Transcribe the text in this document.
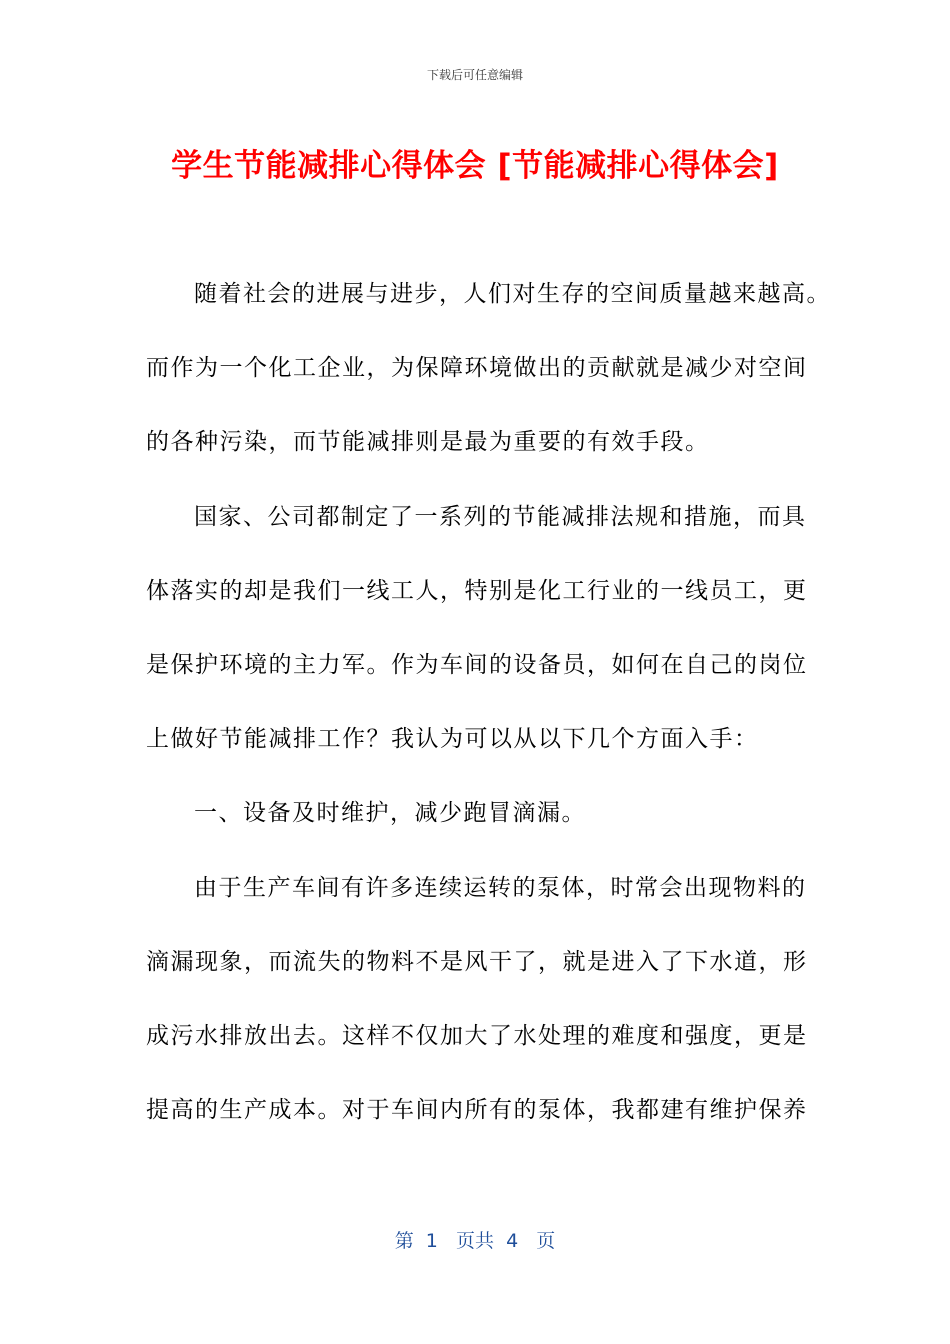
下载后可任意编辑
学生节能减排心得体会 [节能减排心得体会]
随着社会的进展与进步，人们对生存的空间质量越来越高。
而作为一个化工企业，为保障环境做出的贡献就是减少对空间
的各种污染，而节能减排则是最为重要的有效手段。
国家、公司都制定了一系列的节能减排法规和措施，而具
体落实的却是我们一线工人，特别是化工行业的一线员工，更
是保护环境的主力军。作为车间的设备员，如何在自己的岗位
上做好节能减排工作？我认为可以从以下几个方面入手：
一、设备及时维护，减少跑冒滴漏。
由于生产车间有许多连续运转的泵体，时常会出现物料的
滴漏现象，而流失的物料不是风干了，就是进入了下水道，形
成污水排放出去。这样不仅加大了水处理的难度和强度，更是
提高的生产成本。对于车间内所有的泵体，我都建有维护保养
第  1   页共  4   页
